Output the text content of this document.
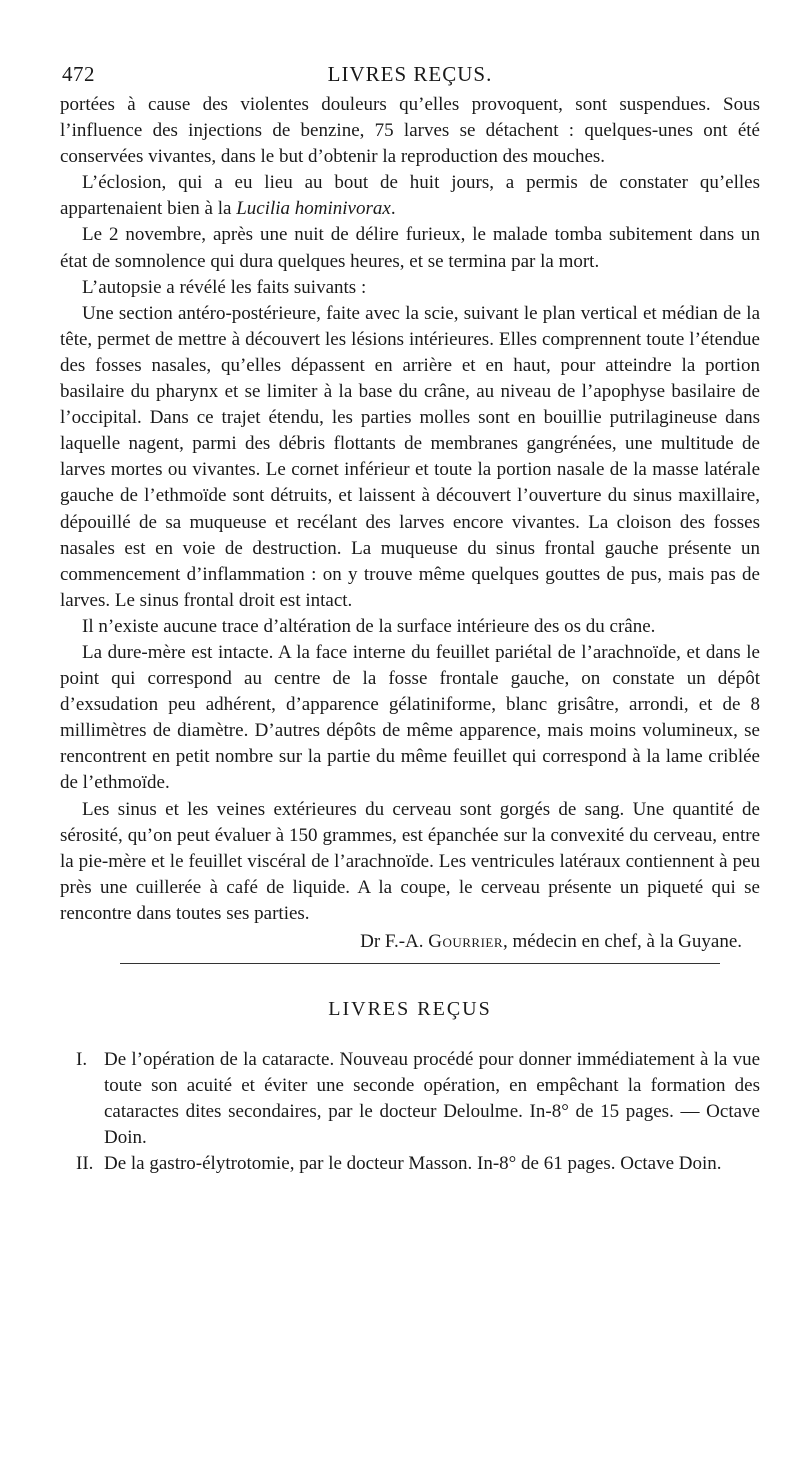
472	LIVRES REÇUS.

portées à cause des violentes douleurs qu’elles provoquent, sont suspendues. Sous l’influence des injections de benzine, 75 larves se détachent : quelques-unes ont été conservées vivantes, dans le but d’obtenir la reproduction des mouches.

L’éclosion, qui a eu lieu au bout de huit jours, a permis de constater qu’elles appartenaient bien à la Lucilia hominivorax.

Le 2 novembre, après une nuit de délire furieux, le malade tomba subitement dans un état de somnolence qui dura quelques heures, et se termina par la mort.

L’autopsie a révélé les faits suivants :

Une section antéro-postérieure, faite avec la scie, suivant le plan vertical et médian de la tête, permet de mettre à découvert les lésions intérieures. Elles comprennent toute l’étendue des fosses nasales, qu’elles dépassent en arrière et en haut, pour atteindre la portion basilaire du pharynx et se limiter à la base du crâne, au niveau de l’apophyse basilaire de l’occipital. Dans ce trajet étendu, les parties molles sont en bouillie putrilagineuse dans laquelle nagent, parmi des débris flottants de membranes gangrénées, une multitude de larves mortes ou vivantes. Le cornet inférieur et toute la portion nasale de la masse latérale gauche de l’ethmoïde sont détruits, et laissent à découvert l’ouverture du sinus maxillaire, dépouillé de sa muqueuse et recélant des larves encore vivantes. La cloison des fosses nasales est en voie de destruction. La muqueuse du sinus frontal gauche présente un commencement d’inflammation : on y trouve même quelques gouttes de pus, mais pas de larves. Le sinus frontal droit est intact.

Il n’existe aucune trace d’altération de la surface intérieure des os du crâne.

La dure-mère est intacte. A la face interne du feuillet pariétal de l’arachnoïde, et dans le point qui correspond au centre de la fosse frontale gauche, on constate un dépôt d’exsudation peu adhérent, d’apparence gélatiniforme, blanc grisâtre, arrondi, et de 8 millimètres de diamètre. D’autres dépôts de même apparence, mais moins volumineux, se rencontrent en petit nombre sur la partie du même feuillet qui correspond à la lame criblée de l’ethmoïde.

Les sinus et les veines extérieures du cerveau sont gorgés de sang. Une quantité de sérosité, qu’on peut évaluer à 150 grammes, est épanchée sur la convexité du cerveau, entre la pie-mère et le feuillet viscéral de l’arachnoïde. Les ventricules latéraux contiennent à peu près une cuillerée à café de liquide. A la coupe, le cerveau présente un piqueté qui se rencontre dans toutes ses parties.

Dr F.-A. Gourrier, médecin en chef, à la Guyane.
LIVRES REÇUS
I. De l’opération de la cataracte. Nouveau procédé pour donner immédiatement à la vue toute son acuité et éviter une seconde opération, en empêchant la formation des cataractes dites secondaires, par le docteur Deloulme. In-8° de 15 pages. — Octave Doin.
II. De la gastro-élytrotomie, par le docteur Masson. In-8° de 61 pages. Octave Doin.
